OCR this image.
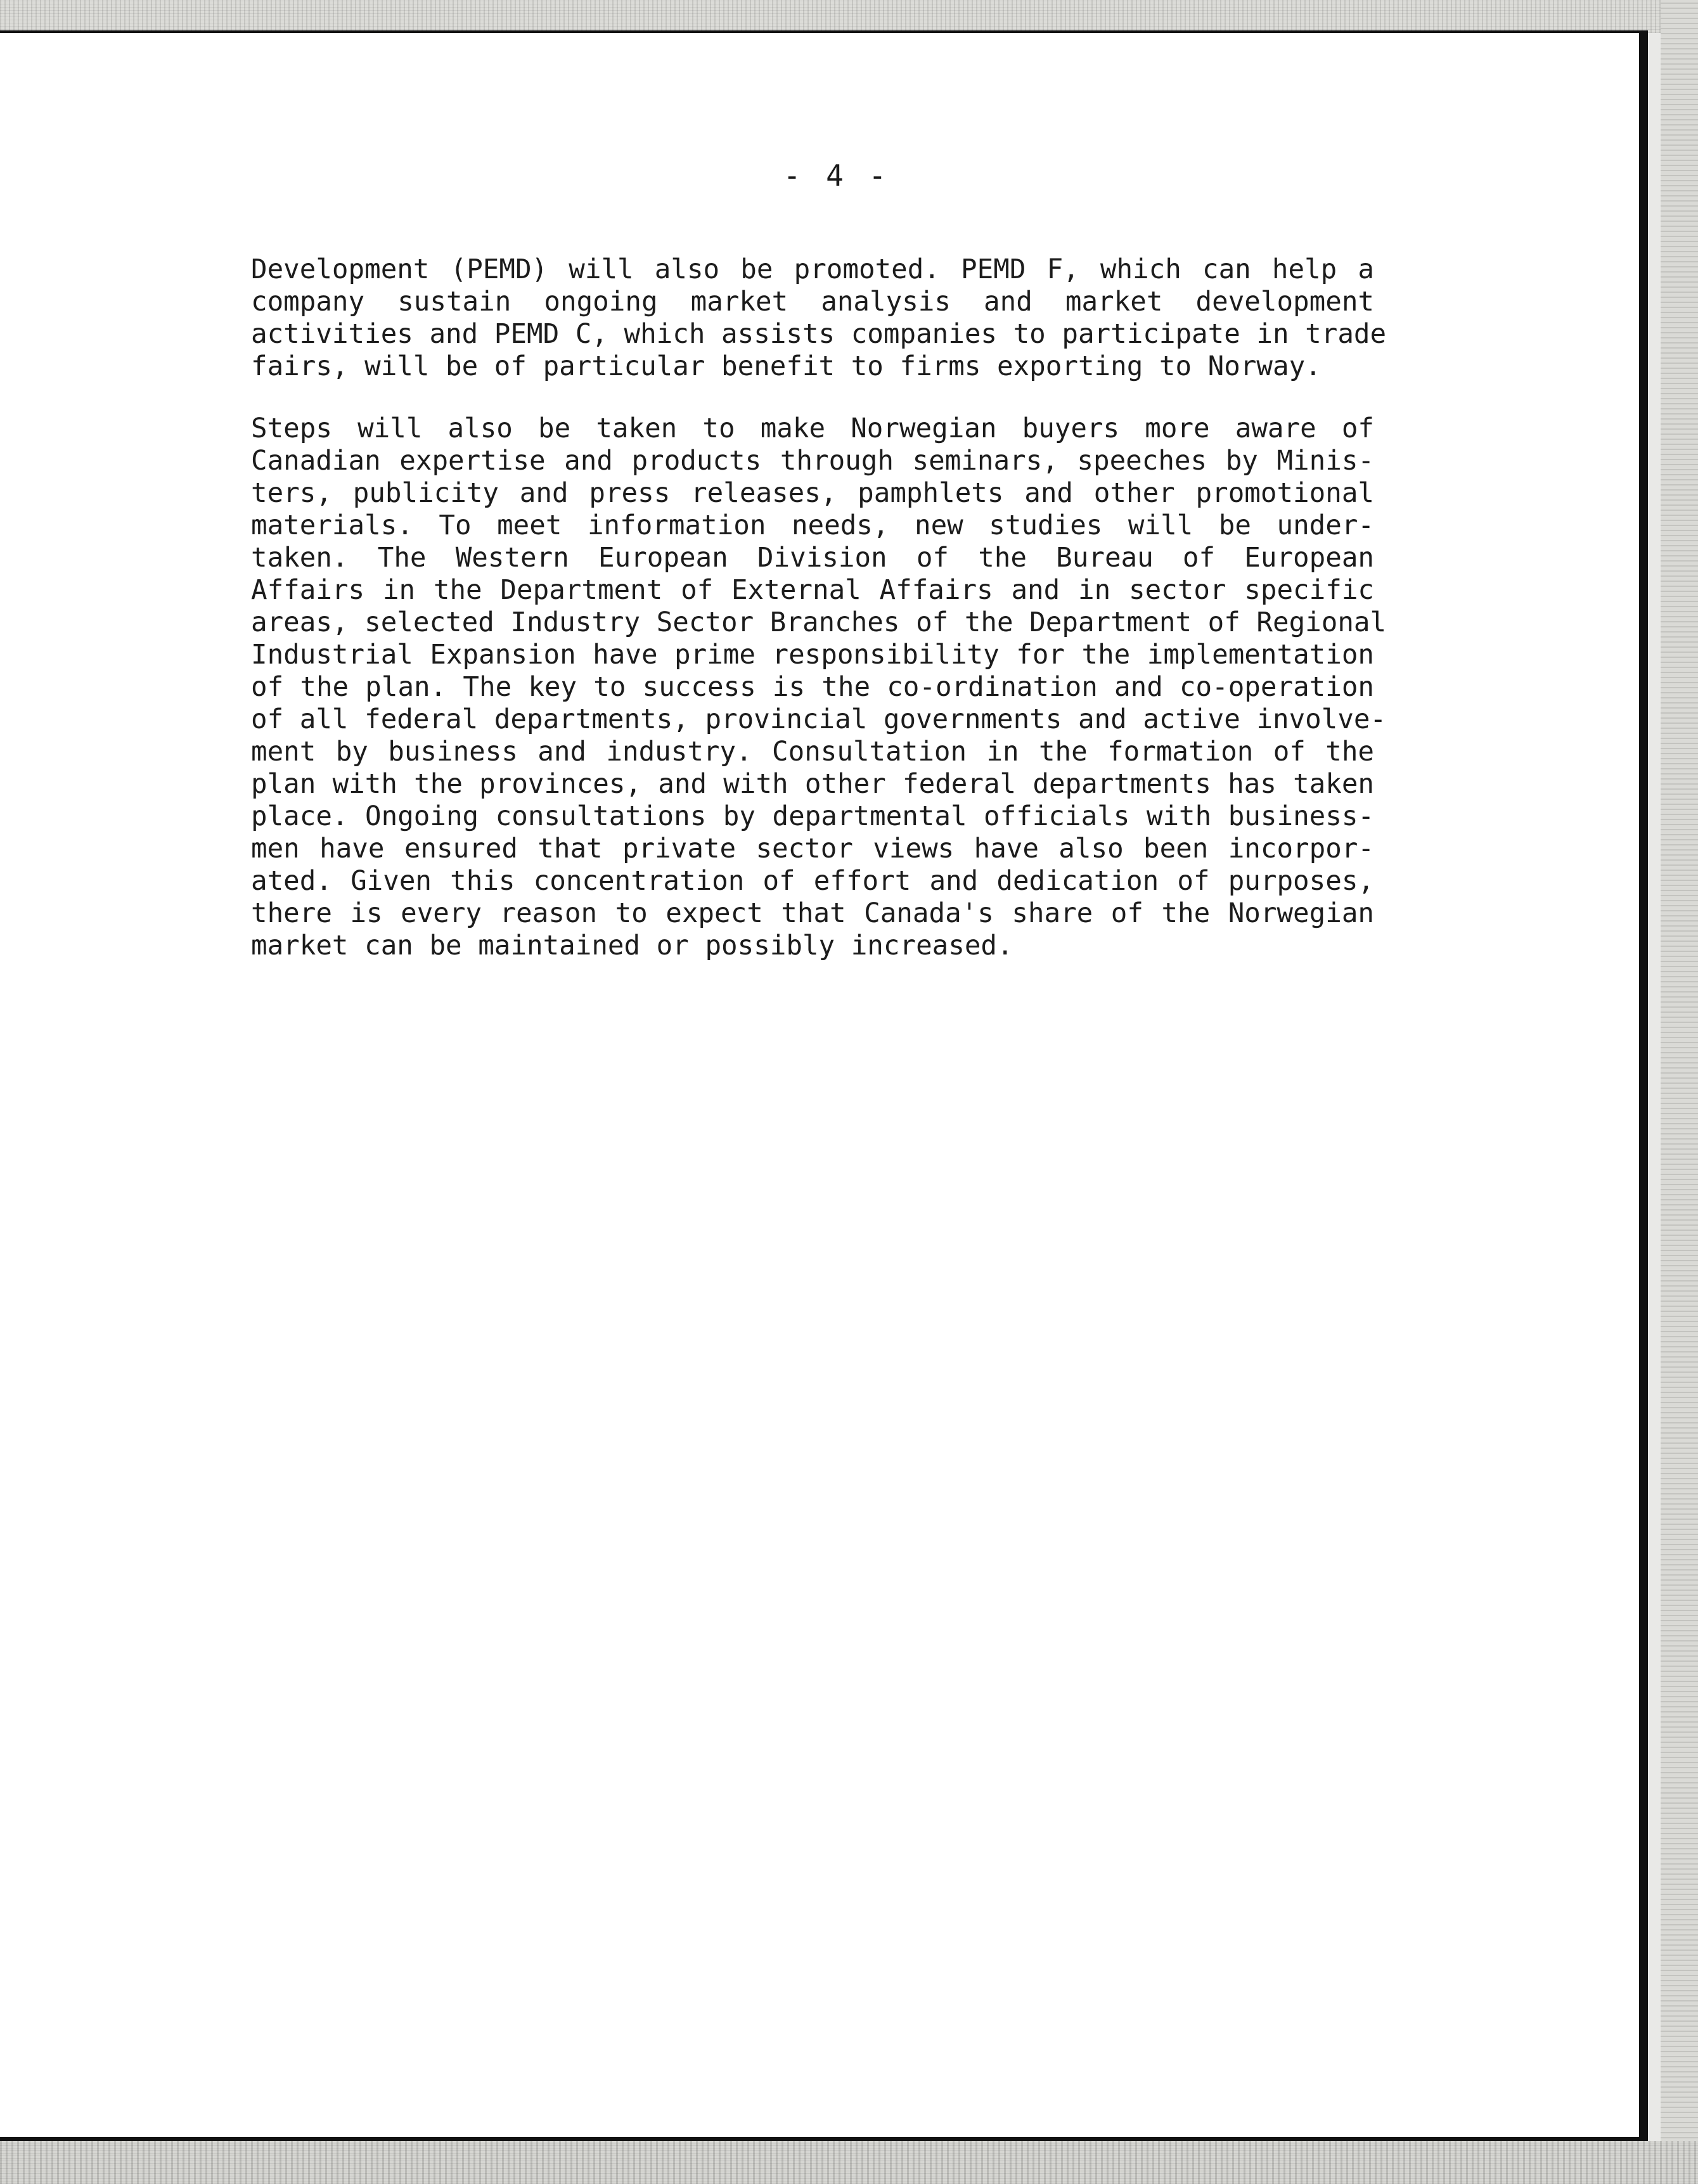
- 4 -

Development (PEMD) will also be promoted. PEMD F, which can help a
company sustain ongoing market analysis and market development
activities and PEMD C, which assists companies to participate in trade
fairs, will be of particular benefit to firms exporting to Norway.

Steps will also be taken to make Norwegian buyers more aware of
Canadian expertise and products through seminars, speeches by Minis-
ters, publicity and press releases, pamphlets and other promotional
materials. To meet information needs, new studies will be under-
taken. The Western European Division of the Bureau of European
Affairs in the Department of External Affairs and in sector specific
areas, selected Industry Sector Branches of the Department of Regional
Industrial Expansion have prime responsibility for the implementation
of the plan. The key to success is the co-ordination and co-operation
of all federal departments, provincial governments and active involve-
ment by business and industry. Consultation in the formation of the
plan with the provinces, and with other federal departments has taken
place. Ongoing consultations by departmental officials with business-
men have ensured that private sector views have also been incorpor-
ated. Given this concentration of effort and dedication of purposes,
there is every reason to expect that Canada's share of the Norwegian
market can be maintained or possibly increased.
